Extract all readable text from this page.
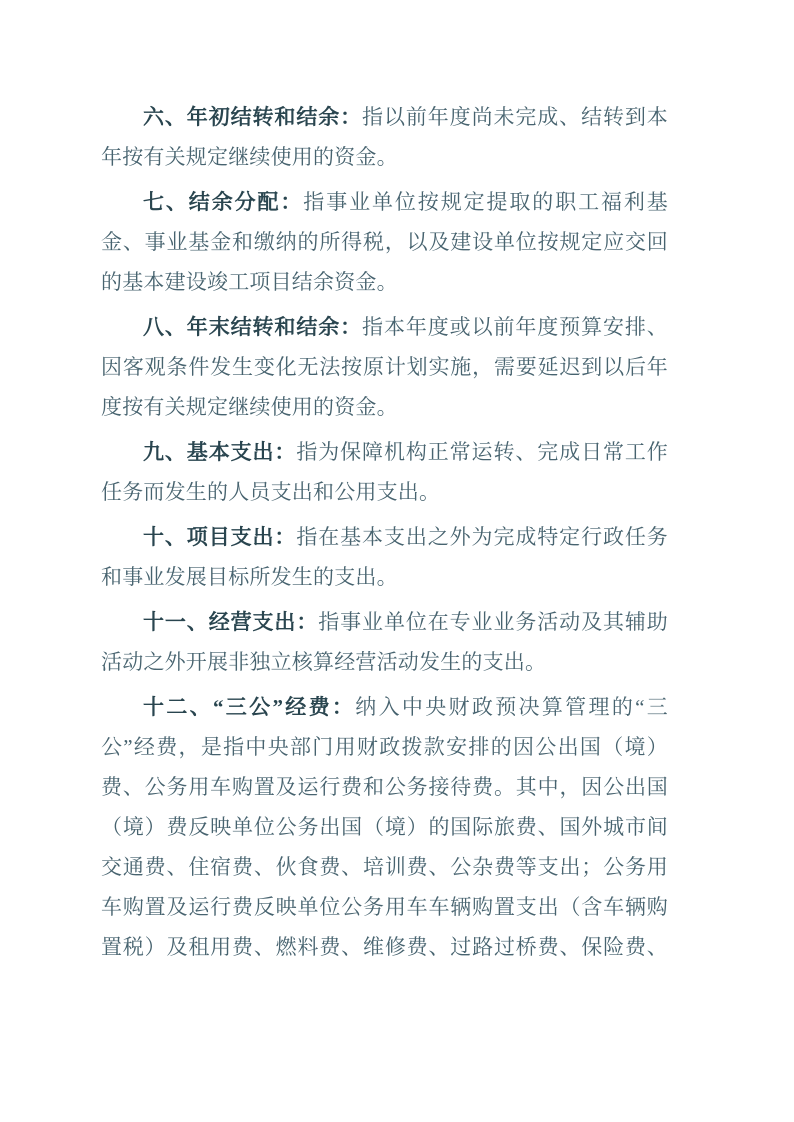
六、年初结转和结余：指以前年度尚未完成、结转到本
年按有关规定继续使用的资金。

七、结余分配：指事业单位按规定提取的职工福利基
金、事业基金和缴纳的所得税，以及建设单位按规定应交回
的基本建设竣工项目结余资金。

八、年末结转和结余：指本年度或以前年度预算安排、
因客观条件发生变化无法按原计划实施，需要延迟到以后年
度按有关规定继续使用的资金。

九、基本支出：指为保障机构正常运转、完成日常工作
任务而发生的人员支出和公用支出。

十、项目支出：指在基本支出之外为完成特定行政任务
和事业发展目标所发生的支出。

十一、经营支出：指事业单位在专业业务活动及其辅助
活动之外开展非独立核算经营活动发生的支出。

十二、“三公”经费：纳入中央财政预决算管理的“三
公”经费，是指中央部门用财政拨款安排的因公出国（境）
费、公务用车购置及运行费和公务接待费。其中，因公出国
（境）费反映单位公务出国（境）的国际旅费、国外城市间
交通费、住宿费、伙食费、培训费、公杂费等支出；公务用
车购置及运行费反映单位公务用车车辆购置支出（含车辆购
置税）及租用费、燃料费、维修费、过路过桥费、保险费、
